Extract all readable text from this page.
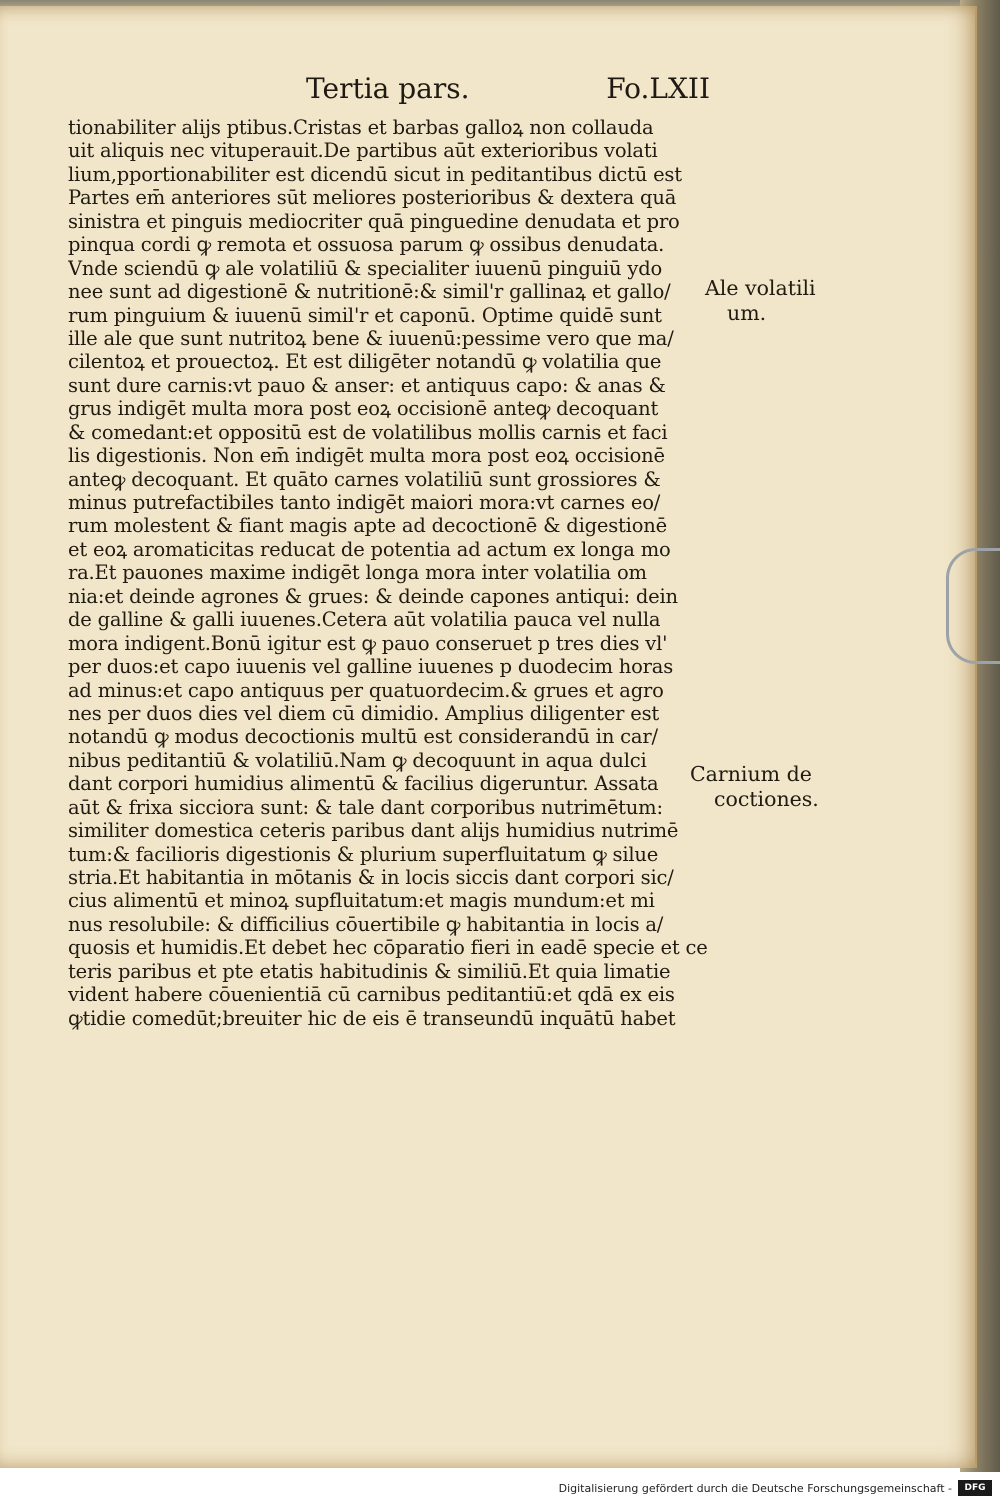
Tertia pars.	Fo.LXII
tionabiliter alijs ptibus.Cristas et barbas galloꝝ non collauda
uit aliquis nec vituperauit.De partibus aūt exterioribus volati
lium,pportionabiliter est dicendū sicut in peditantibus dictū est
Partes em̄ anteriores sūt meliores posterioribus & dextera quā
sinistra et pinguis mediocriter quā pinguedine denudata et pro
pinqua cordi ꝙ remota et ossuosa parum ꝙ ossibus denudata.
Vnde sciendū ꝙ ale volatiliū & specialiter iuuenū pinguiū ydo
nee sunt ad digestionē & nutritionē:& simil'r gallinaꝝ et gallo/
rum pinguium & iuuenū simil'r et caponū. Optime quidē sunt
ille ale que sunt nutritoꝝ bene & iuuenū:pessime vero que ma/
cilentoꝝ et prouectoꝝ. Et est diligēter notandū ꝙ volatilia que
sunt dure carnis:vt pauo & anser: et antiquus capo: & anas &
grus indigēt multa mora post eoꝝ occisionē anteꝙ decoquant
& comedant:et oppositū est de volatilibus mollis carnis et faci
lis digestionis. Non em̄ indigēt multa mora post eoꝝ occisionē
anteꝙ decoquant. Et quāto carnes volatiliū sunt grossiores &
minus putrefactibiles tanto indigēt maiori mora:vt carnes eo/
rum molestent & fiant magis apte ad decoctionē & digestionē
et eoꝝ aromaticitas reducat de potentia ad actum ex longa mo
ra.Et pauones maxime indigēt longa mora inter volatilia om
nia:et deinde agrones & grues: & deinde capones antiqui: dein
de galline & galli iuuenes.Cetera aūt volatilia pauca vel nulla
mora indigent.Bonū igitur est ꝙ pauo conseruet p tres dies vl'
per duos:et capo iuuenis vel galline iuuenes p duodecim horas
ad minus:et capo antiquus per quatuordecim.& grues et agro
nes per duos dies vel diem cū dimidio. Amplius diligenter est
notandū ꝙ modus decoctionis multū est considerandū in car/
nibus peditantiū & volatiliū.Nam ꝙ decoquunt in aqua dulci
dant corpori humidius alimentū & facilius digeruntur. Assata
aūt & frixa sicciora sunt: & tale dant corporibus nutrimētum:
similiter domestica ceteris paribus dant alijs humidius nutrimē
tum:& facilioris digestionis & plurium superfluitatum ꝙ silue
stria.Et habitantia in mōtanis & in locis siccis dant corpori sic/
cius alimentū et minoꝝ supfluitatum:et magis mundum:et mi
nus resolubile: & difficilius cōuertibile ꝙ habitantia in locis a/
quosis et humidis.Et debet hec cōparatio fieri in eadē specie et ce
teris paribus et pte etatis habitudinis & similiū.Et quia limatie
vident habere cōuenientiā cū carnibus peditantiū:et qdā ex eis
ꝙtidie comedūt;breuiter hic de eis ē transeundū inquātū habet
Ale volatili
um.
Carnium de
coctiones.
Digitalisierung gefördert durch die Deutsche Forschungsgemeinschaft -	DFG
